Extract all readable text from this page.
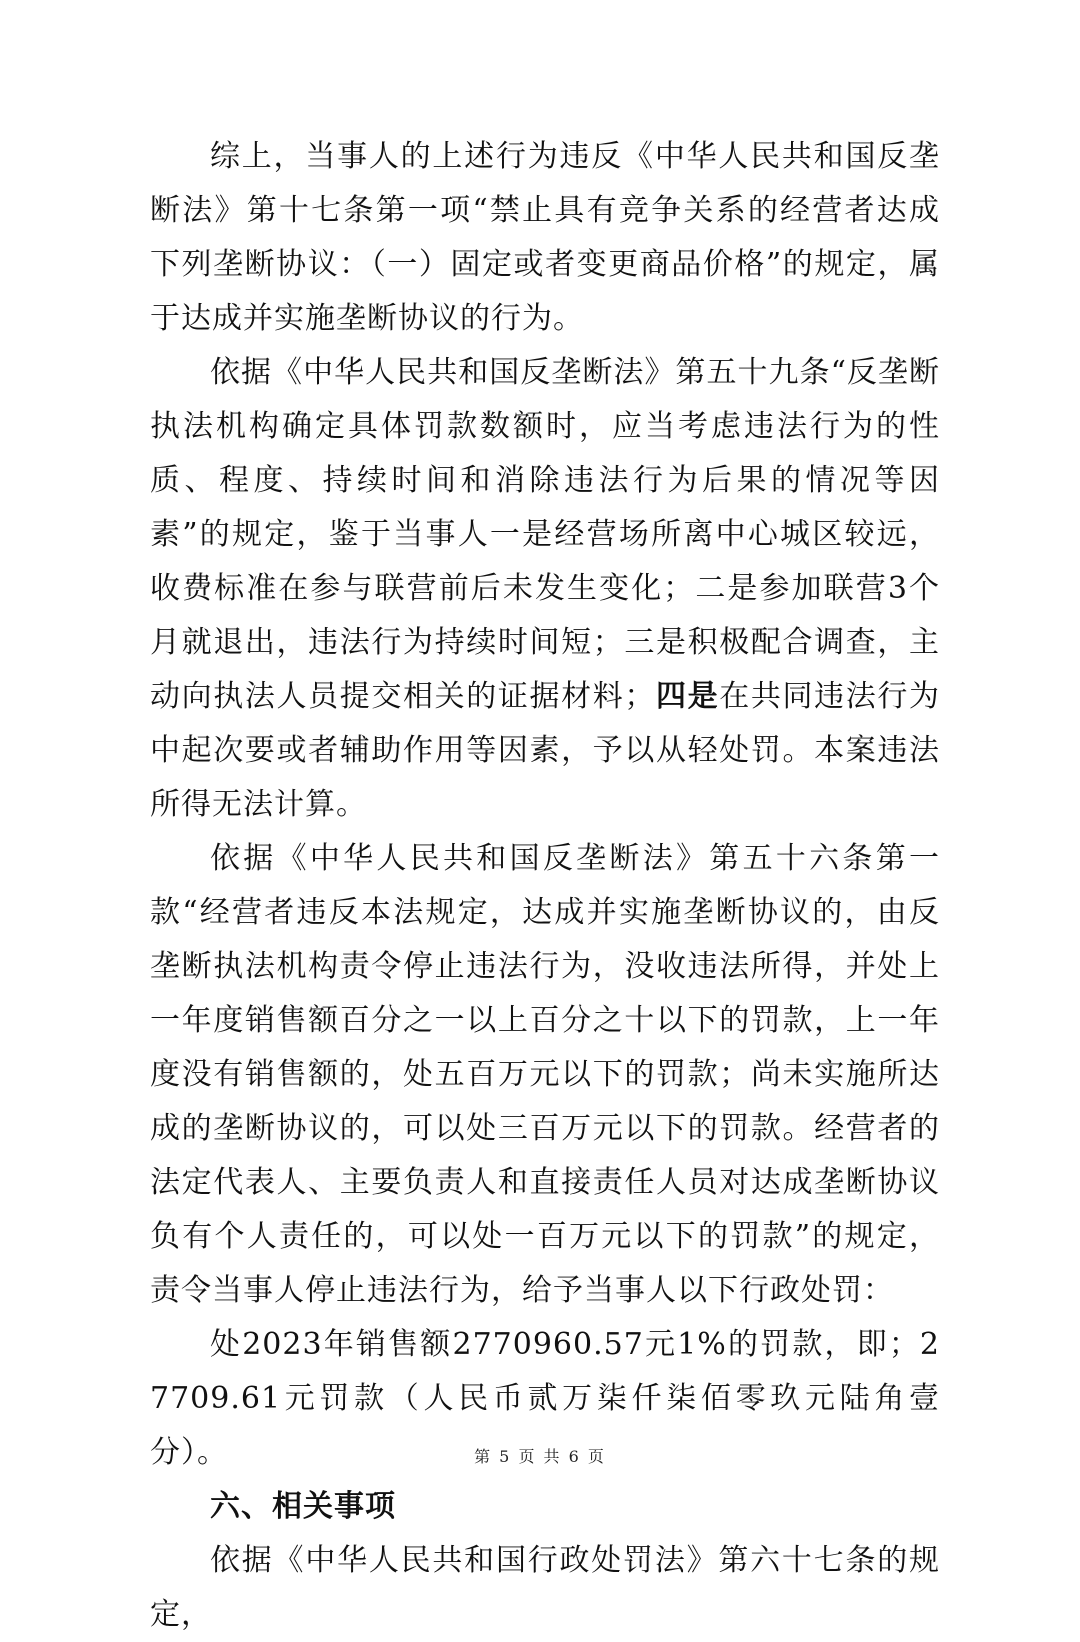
综上，当事人的上述行为违反《中华人民共和国反垄断法》第十七条第一项“禁止具有竞争关系的经营者达成下列垄断协议：（一）固定或者变更商品价格”的规定，属于达成并实施垄断协议的行为。

依据《中华人民共和国反垄断法》第五十九条“反垄断执法机构确定具体罚款数额时，应当考虑违法行为的性质、程度、持续时间和消除违法行为后果的情况等因素”的规定，鉴于当事人一是经营场所离中心城区较远，收费标准在参与联营前后未发生变化；二是参加联营3个月就退出，违法行为持续时间短；三是积极配合调查，主动向执法人员提交相关的证据材料；四是在共同违法行为中起次要或者辅助作用等因素，予以从轻处罚。本案违法所得无法计算。

依据《中华人民共和国反垄断法》第五十六条第一款“经营者违反本法规定，达成并实施垄断协议的，由反垄断执法机构责令停止违法行为，没收违法所得，并处上一年度销售额百分之一以上百分之十以下的罚款，上一年度没有销售额的，处五百万元以下的罚款；尚未实施所达成的垄断协议的，可以处三百万元以下的罚款。经营者的法定代表人、主要负责人和直接责任人员对达成垄断协议负有个人责任的，可以处一百万元以下的罚款”的规定，责令当事人停止违法行为，给予当事人以下行政处罚：

处2023年销售额2770960.57元1%的罚款，即；27709.61元罚款（人民币贰万柒仟柒佰零玖元陆角壹分）。

六、相关事项

依据《中华人民共和国行政处罚法》第六十七条的规定，

第 5 页 共 6 页
